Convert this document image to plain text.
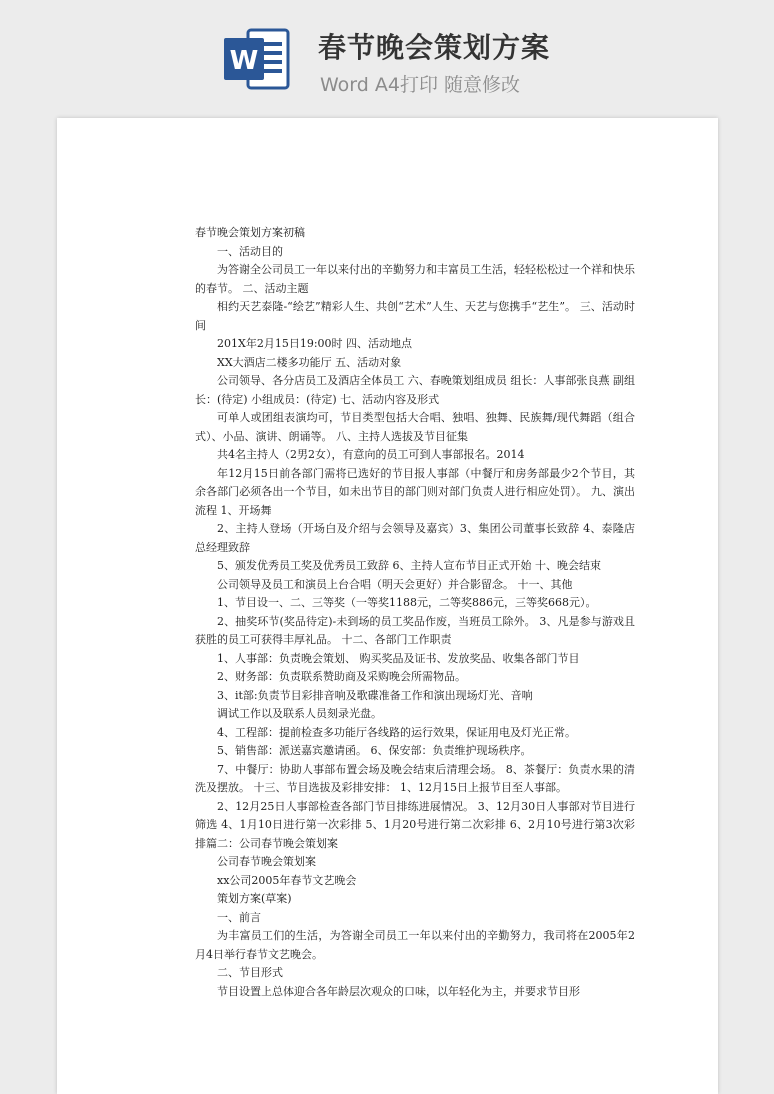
W 春节晚会策划方案
Word A4打印 随意修改

春节晚会策划方案初稿

一、活动目的

为答谢全公司员工一年以来付出的辛勤努力和丰富员工生活，轻轻松松过一个祥和快乐的春节。 二、活动主题

相约天艺泰隆-“绘艺”精彩人生、共创“艺术”人生、天艺与您携手“艺生”。 三、活动时间

201X年2月15日19:00时 四、活动地点

XX大酒店二楼多功能厅 五、活动对象

公司领导、各分店员工及酒店全体员工 六、春晚策划组成员 组长：人事部张良燕 副组长：(待定) 小组成员：(待定) 七、活动内容及形式

可单人或团组表演均可，节目类型包括大合唱、独唱、独舞、民族舞/现代舞蹈（组合式）、小品、演讲、朗诵等。 八、主持人选拔及节目征集

共4名主持人（2男2女），有意向的员工可到人事部报名。2014

年12月15日前各部门需将已选好的节目报人事部（中餐厅和房务部最少2个节目，其余各部门必须各出一个节目，如未出节目的部门则对部门负责人进行相应处罚）。 九、演出流程 1、开场舞

2、主持人登场（开场白及介绍与会领导及嘉宾）3、集团公司董事长致辞 4、泰隆店总经理致辞

5、颁发优秀员工奖及优秀员工致辞 6、主持人宣布节目正式开始 十、晚会结束

公司领导及员工和演员上台合唱（明天会更好）并合影留念。 十一、其他

1、节目设一、二、三等奖（一等奖1188元，二等奖886元，三等奖668元）。

2、抽奖环节(奖品待定)-未到场的员工奖品作废，当班员工除外。 3、凡是参与游戏且获胜的员工可获得丰厚礼品。 十二、各部门工作职责

1、人事部：负责晚会策划、 购买奖品及证书、发放奖品、收集各部门节目

2、财务部：负责联系赞助商及采购晚会所需物品。

3、it部:负责节目彩排音响及歌碟准备工作和演出现场灯光、音响

调试工作以及联系人员刻录光盘。

4、工程部：提前检查多功能厅各线路的运行效果，保证用电及灯光正常。

5、销售部：派送嘉宾邀请函。 6、保安部：负责维护现场秩序。

7、中餐厅：协助人事部布置会场及晚会结束后清理会场。 8、茶餐厅：负责水果的清洗及摆放。 十三、节目选拔及彩排安排： 1、12月15日上报节目至人事部。

2、12月25日人事部检查各部门节目排练进展情况。 3、12月30日人事部对节目进行筛选 4、1月10日进行第一次彩排 5、1月20号进行第二次彩排 6、2月10号进行第3次彩排篇二：公司春节晚会策划案

公司春节晚会策划案

xx公司2005年春节文艺晚会

策划方案(草案)

一、前言

为丰富员工们的生活，为答谢全司员工一年以来付出的辛勤努力，我司将在2005年2月4日举行春节文艺晚会。

二、节目形式

节目设置上总体迎合各年龄层次观众的口味，以年轻化为主，并要求节目形
